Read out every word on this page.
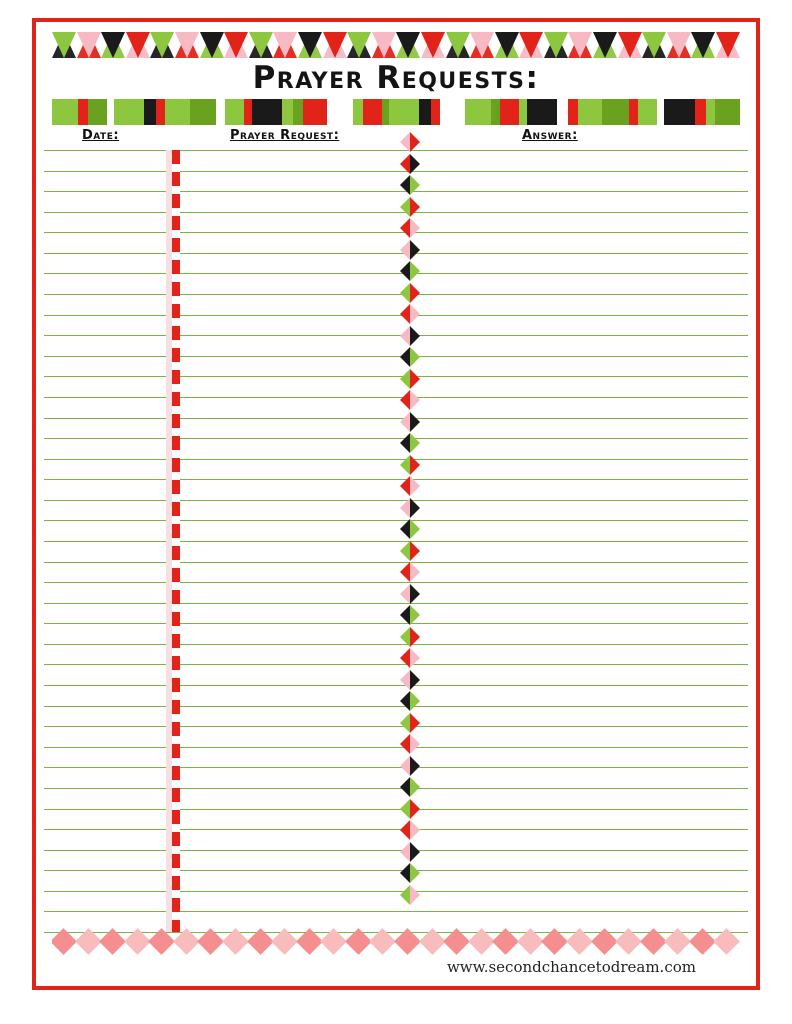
Prayer Requests:
Date:	Prayer Request:	Answer:
www.secondchancetodream.com
